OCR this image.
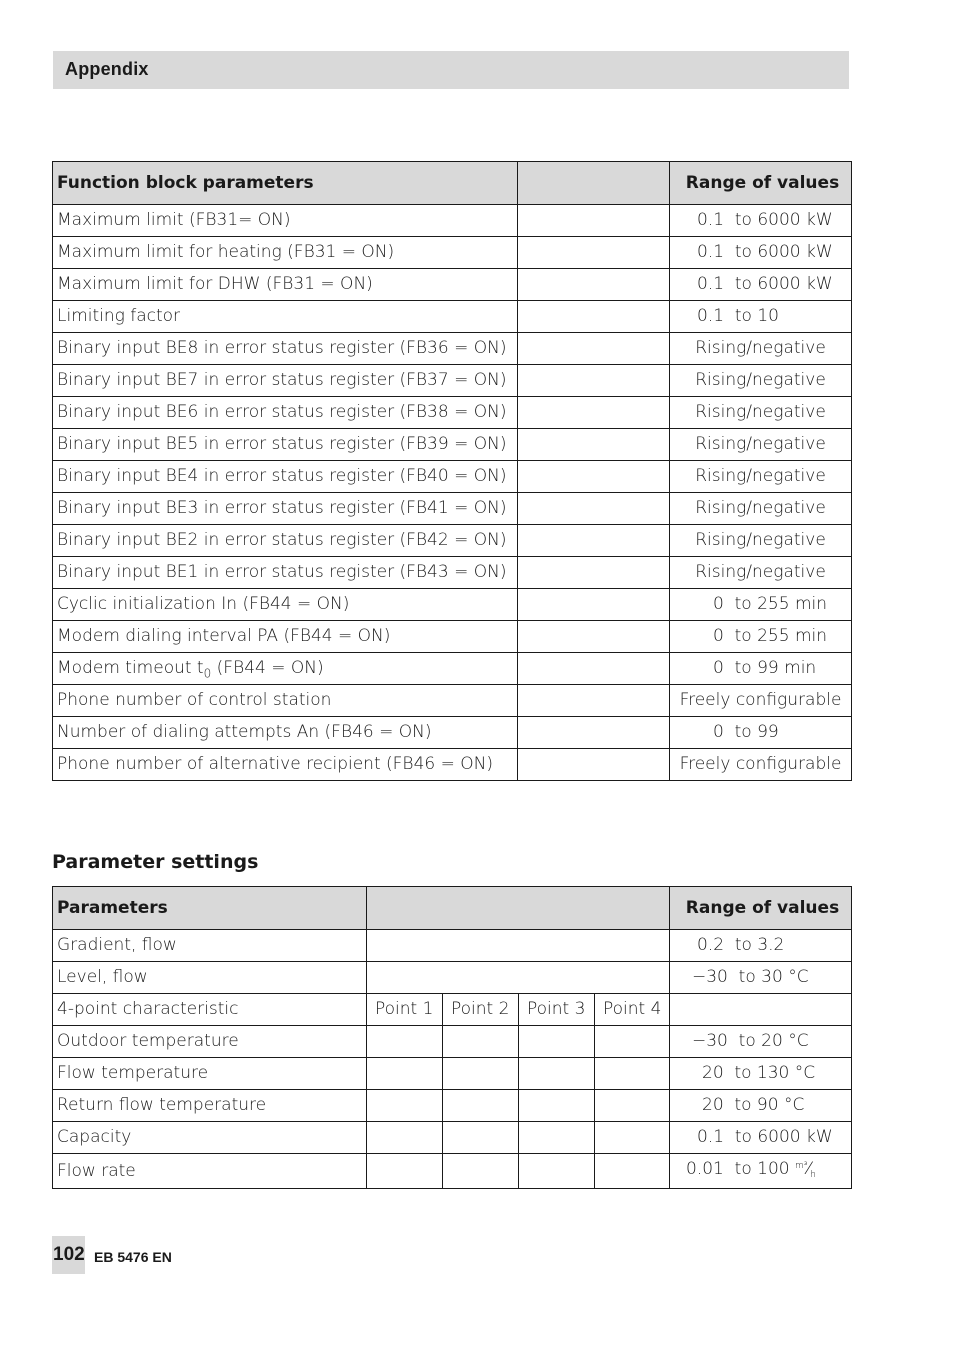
Appendix
Function block parameters		Range of values
Maximum limit (FB31= ON)		0.1  to 6000 kW
Maximum limit for heating (FB31 = ON)		0.1  to 6000 kW
Maximum limit for DHW (FB31 = ON)		0.1  to 6000 kW
Limiting factor		0.1  to 10
Binary input BE8 in error status register (FB36 = ON)		Rising/negative
Binary input BE7 in error status register (FB37 = ON)		Rising/negative
Binary input BE6 in error status register (FB38 = ON)		Rising/negative
Binary input BE5 in error status register (FB39 = ON)		Rising/negative
Binary input BE4 in error status register (FB40 = ON)		Rising/negative
Binary input BE3 in error status register (FB41 = ON)		Rising/negative
Binary input BE2 in error status register (FB42 = ON)		Rising/negative
Binary input BE1 in error status register (FB43 = ON)		Rising/negative
Cyclic initialization In (FB44 = ON)		0  to 255 min
Modem dialing interval PA (FB44 = ON)		0  to 255 min
Modem timeout $t_0$ (FB44 = ON)		0  to 99 min
Phone number of control station		Freely configurable
Number of dialing attempts An (FB46 = ON)		0  to 99
Phone number of alternative recipient (FB46 = ON)		Freely configurable
Parameter settings
Parameters					Range of values
Gradient, flow					0.2  to 3.2
Level, flow					−30  to 30 °C
4-point characteristic	Point 1	Point 2	Point 3	Point 4	
Outdoor temperature					−30  to 20 °C
Flow temperature					20  to 130 °C
Return flow temperature					20  to 90 °C
Capacity					0.1  to 6000 kW
Flow rate					0.01  to 100 $^{m^3}$⁄h
102 EB 5476 EN
